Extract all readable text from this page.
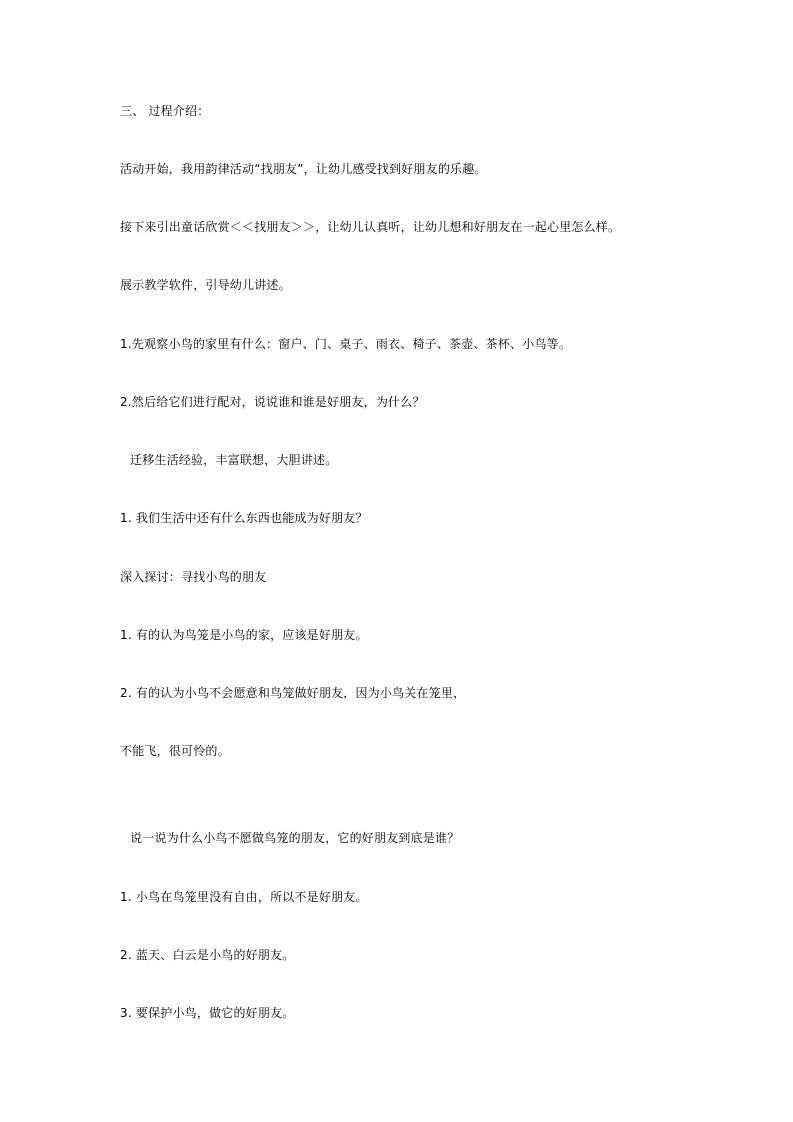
三、 过程介绍：
活动开始，我用韵律活动“找朋友”，让幼儿感受找到好朋友的乐趣。
接下来引出童话欣赏＜＜找朋友＞＞，让幼儿认真听，让幼儿想和好朋友在一起心里怎么样。
展示教学软件，引导幼儿讲述。
1.先观察小鸟的家里有什么：窗户、门、桌子、雨衣、椅子、茶壶、茶杯、小鸟等。
2.然后给它们进行配对，说说谁和谁是好朋友，为什么？
迁移生活经验，丰富联想，大胆讲述。
1. 我们生活中还有什么东西也能成为好朋友？
深入探讨：寻找小鸟的朋友
1. 有的认为鸟笼是小鸟的家，应该是好朋友。
2. 有的认为小鸟不会愿意和鸟笼做好朋友，因为小鸟关在笼里，
不能飞，很可怜的。
说一说为什么小鸟不愿做鸟笼的朋友，它的好朋友到底是谁？
1. 小鸟在鸟笼里没有自由，所以不是好朋友。
2. 蓝天、白云是小鸟的好朋友。
3. 要保护小鸟，做它的好朋友。
